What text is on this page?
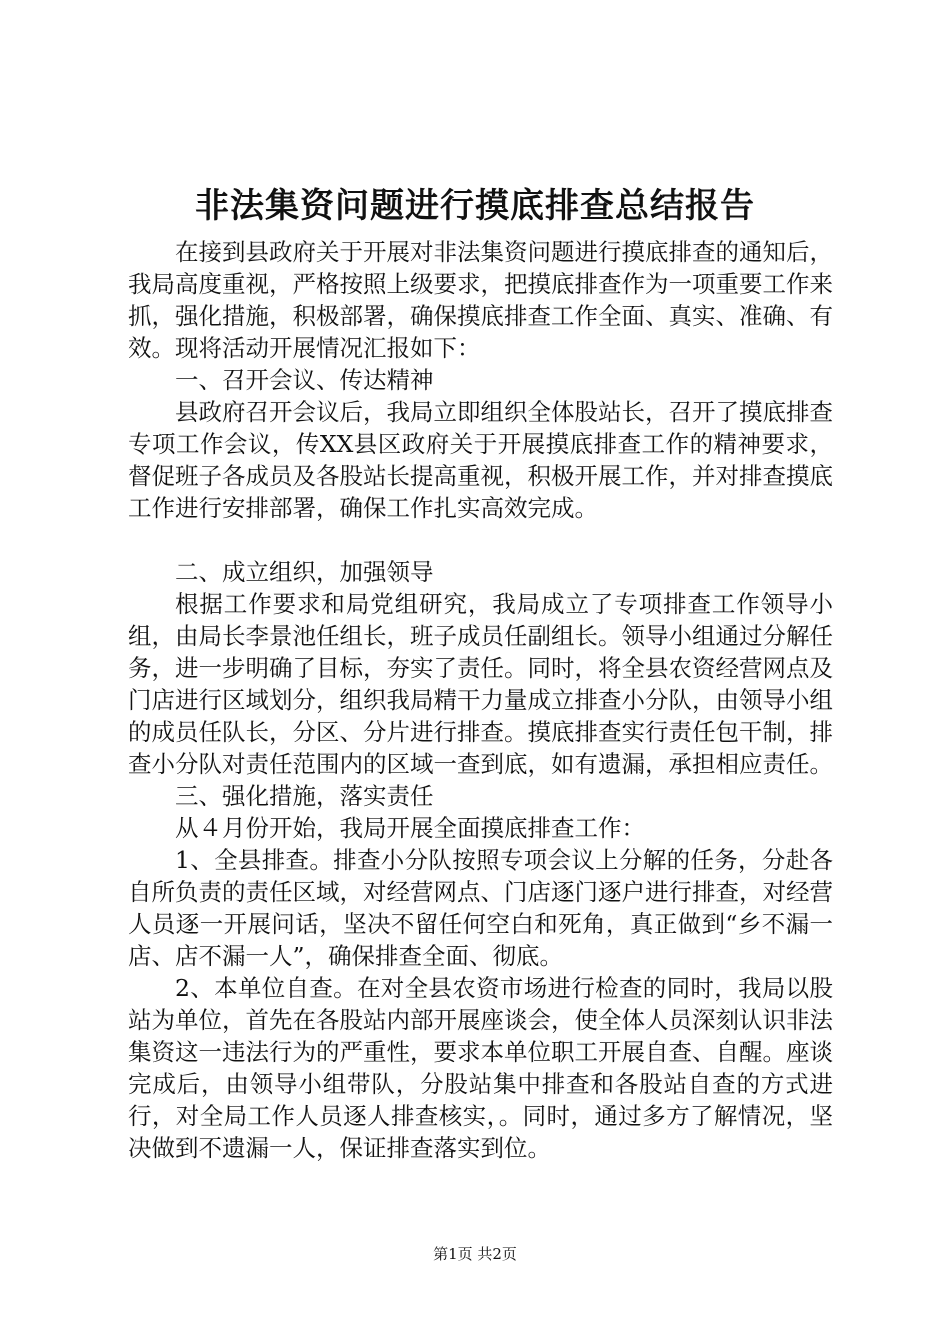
非法集资问题进行摸底排查总结报告

在接到县政府关于开展对非法集资问题进行摸底排查的通知后，我局高度重视，严格按照上级要求，把摸底排查作为一项重要工作来抓，强化措施，积极部署，确保摸底排查工作全面、真实、准确、有效。现将活动开展情况汇报如下：

一、召开会议、传达精神

县政府召开会议后，我局立即组织全体股站长，召开了摸底排查专项工作会议，传XX县区政府关于开展摸底排查工作的精神要求，督促班子各成员及各股站长提高重视，积极开展工作，并对排查摸底工作进行安排部署，确保工作扎实高效完成。

二、成立组织，加强领导

根据工作要求和局党组研究，我局成立了专项排查工作领导小组，由局长李景池任组长，班子成员任副组长。领导小组通过分解任务，进一步明确了目标，夯实了责任。同时，将全县农资经营网点及门店进行区域划分，组织我局精干力量成立排查小分队，由领导小组的成员任队长，分区、分片进行排查。摸底排查实行责任包干制，排查小分队对责任范围内的区域一查到底，如有遗漏，承担相应责任。

三、强化措施，落实责任

从４月份开始，我局开展全面摸底排查工作：

1、全县排查。排查小分队按照专项会议上分解的任务，分赴各自所负责的责任区域，对经营网点、门店逐门逐户进行排查，对经营人员逐一开展问话，坚决不留任何空白和死角，真正做到“乡不漏一店、店不漏一人”，确保排查全面、彻底。

2、本单位自查。在对全县农资市场进行检查的同时，我局以股站为单位，首先在各股站内部开展座谈会，使全体人员深刻认识非法集资这一违法行为的严重性，要求本单位职工开展自查、自醒。座谈完成后，由领导小组带队，分股站集中排查和各股站自查的方式进行，对全局工作人员逐人排查核实，。同时，通过多方了解情况，坚决做到不遗漏一人，保证排查落实到位。

第1页 共2页
